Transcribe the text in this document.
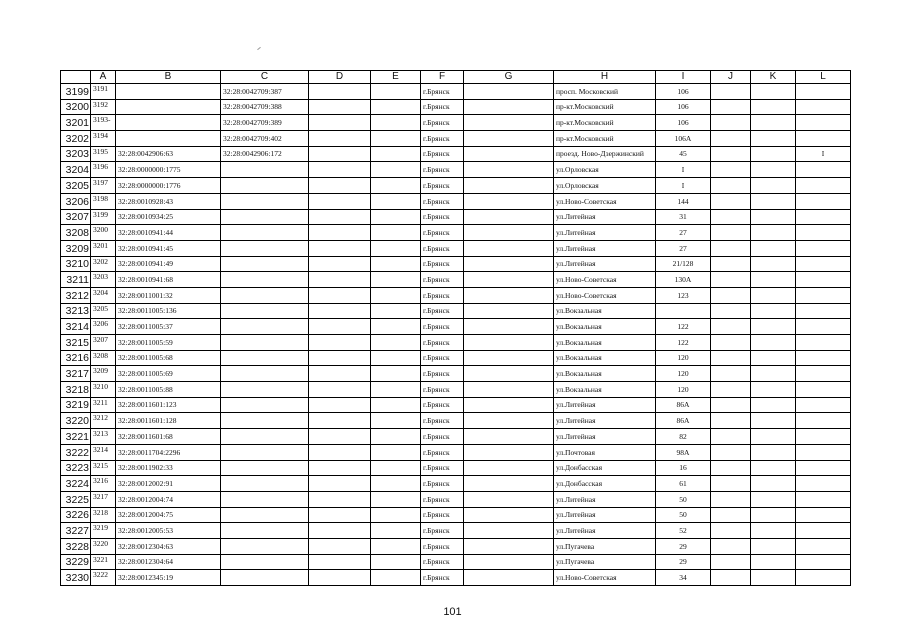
	A	B	C	D	E	F	G	H	I	J	K	L
3199	3191		32:28:0042709:387			г.Брянск		просп. Московский	106			
3200	3192		32:28:0042709:388			г.Брянск		пр-кт.Московский	106			
3201	3193-		32:28:0042709:389			г.Брянск		пр-кт.Московский	106			
3202	3194		32:28:0042709:402			г.Брянск		пр-кт.Московский	106А			
3203	3195	32:28:0042906:63	32:28:0042906:172			г.Брянск		проезд. Ново-Дзержинский	45			I
3204	3196	32:28:0000000:1775				г.Брянск		ул.Орловская	I			
3205	3197	32:28:0000000:1776				г.Брянск		ул.Орловская	I			
3206	3198	32:28:0010928:43				г.Брянск		ул.Ново-Советская	144			
3207	3199	32:28:0010934:25				г.Брянск		ул.Литейная	31			
3208	3200	32:28:0010941:44				г.Брянск		ул.Литейная	27			
3209	3201	32:28:0010941:45				г.Брянск		ул.Литейная	27			
3210	3202	32:28:0010941:49				г.Брянск		ул.Литейная	21/128			
3211	3203	32:28:0010941:68				г.Брянск		ул.Ново-Советская	130А			
3212	3204	32:28:0011001:32				г.Брянск		ул.Ново-Советская	123			
3213	3205	32:28:0011005:136				г.Брянск		ул.Вокзальная				
3214	3206	32:28:0011005:37				г.Брянск		ул.Вокзальная	122			
3215	3207	32:28:0011005:59				г.Брянск		ул.Вокзальная	122			
3216	3208	32:28:0011005:68				г.Брянск		ул.Вокзальная	120			
3217	3209	32:28:0011005:69				г.Брянск		ул.Вокзальная	120			
3218	3210	32:28:0011005:88				г.Брянск		ул.Вокзальная	120			
3219	3211	32:28:0011601:123				г.Брянск		ул.Литейная	86А			
3220	3212	32:28:0011601:128				г.Брянск		ул.Литейная	86А			
3221	3213	32:28:0011601:68				г.Брянск		ул.Литейная	82			
3222	3214	32:28:0011704:2296				г.Брянск		ул.Почтовая	98А			
3223	3215	32:28:0011902:33				г.Брянск		ул.Донбасская	16			
3224	3216	32:28:0012002:91				г.Брянск		ул.Донбасская	61			
3225	3217	32:28:0012004:74				г.Брянск		ул.Литейная	50			
3226	3218	32:28:0012004:75				г.Брянск		ул.Литейная	50			
3227	3219	32:28:0012005:53				г.Брянск		ул.Литейная	52			
3228	3220	32:28:0012304:63				г.Брянск		ул.Пугачева	29			
3229	3221	32:28:0012304:64				г.Брянск		ул.Пугачева	29			
3230	3222	32:28:0012345:19				г.Брянск		ул.Ново-Советская	34			
101
